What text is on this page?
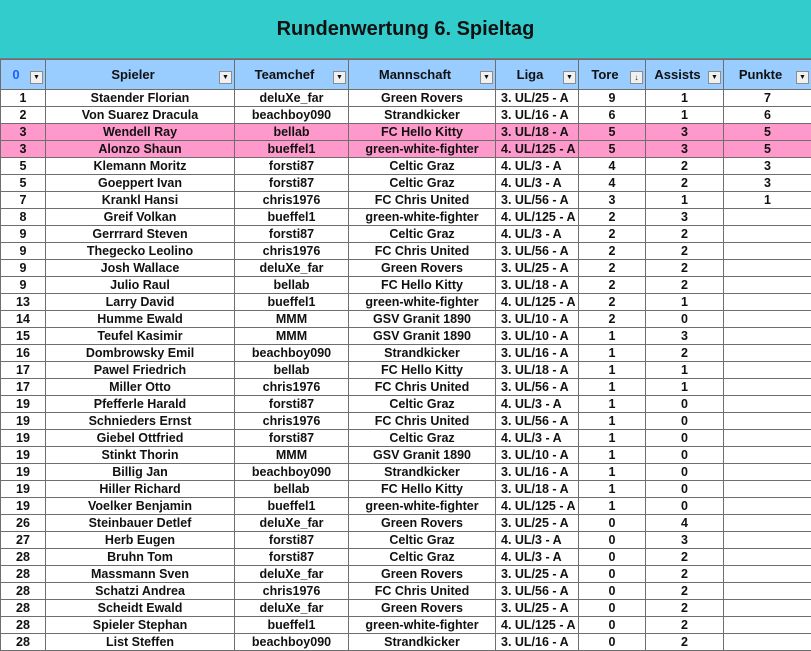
Rundenwertung 6. Spieltag
0 ▼	Spieler ▼	Teamchef ▼	Mannschaft ▼	Liga ▼	Tore ↓	Assists ▼	Punkte ▼

1	Staender Florian	deluXe_far	Green Rovers	3. UL/25 - A	9	1	7
2	Von Suarez Dracula	beachboy090	Strandkicker	3. UL/16 - A	6	1	6
3	Wendell Ray	bellab	FC Hello Kitty	3. UL/18 - A	5	3	5
3	Alonzo Shaun	bueffel1	green-white-fighter	4. UL/125 - A	5	3	5
5	Klemann Moritz	forsti87	Celtic Graz	4. UL/3 - A	4	2	3
5	Goeppert Ivan	forsti87	Celtic Graz	4. UL/3 - A	4	2	3
7	Krankl Hansi	chris1976	FC Chris United	3. UL/56 - A	3	1	1
8	Greif Volkan	bueffel1	green-white-fighter	4. UL/125 - A	2	3	
9	Gerrrard Steven	forsti87	Celtic Graz	4. UL/3 - A	2	2	
9	Thegecko Leolino	chris1976	FC Chris United	3. UL/56 - A	2	2	
9	Josh Wallace	deluXe_far	Green Rovers	3. UL/25 - A	2	2	
9	Julio Raul	bellab	FC Hello Kitty	3. UL/18 - A	2	2	
13	Larry David	bueffel1	green-white-fighter	4. UL/125 - A	2	1	
14	Humme Ewald	MMM	GSV Granit 1890	3. UL/10 - A	2	0	
15	Teufel Kasimir	MMM	GSV Granit 1890	3. UL/10 - A	1	3	
16	Dombrowsky Emil	beachboy090	Strandkicker	3. UL/16 - A	1	2	
17	Pawel Friedrich	bellab	FC Hello Kitty	3. UL/18 - A	1	1	
17	Miller Otto	chris1976	FC Chris United	3. UL/56 - A	1	1	
19	Pfefferle Harald	forsti87	Celtic Graz	4. UL/3 - A	1	0	
19	Schnieders Ernst	chris1976	FC Chris United	3. UL/56 - A	1	0	
19	Giebel Ottfried	forsti87	Celtic Graz	4. UL/3 - A	1	0	
19	Stinkt Thorin	MMM	GSV Granit 1890	3. UL/10 - A	1	0	
19	Billig Jan	beachboy090	Strandkicker	3. UL/16 - A	1	0	
19	Hiller Richard	bellab	FC Hello Kitty	3. UL/18 - A	1	0	
19	Voelker Benjamin	bueffel1	green-white-fighter	4. UL/125 - A	1	0	
26	Steinbauer Detlef	deluXe_far	Green Rovers	3. UL/25 - A	0	4	
27	Herb Eugen	forsti87	Celtic Graz	4. UL/3 - A	0	3	
28	Bruhn Tom	forsti87	Celtic Graz	4. UL/3 - A	0	2	
28	Massmann Sven	deluXe_far	Green Rovers	3. UL/25 - A	0	2	
28	Schatzi Andrea	chris1976	FC Chris United	3. UL/56 - A	0	2	
28	Scheidt Ewald	deluXe_far	Green Rovers	3. UL/25 - A	0	2	
28	Spieler Stephan	bueffel1	green-white-fighter	4. UL/125 - A	0	2	
28	List Steffen	beachboy090	Strandkicker	3. UL/16 - A	0	2	
